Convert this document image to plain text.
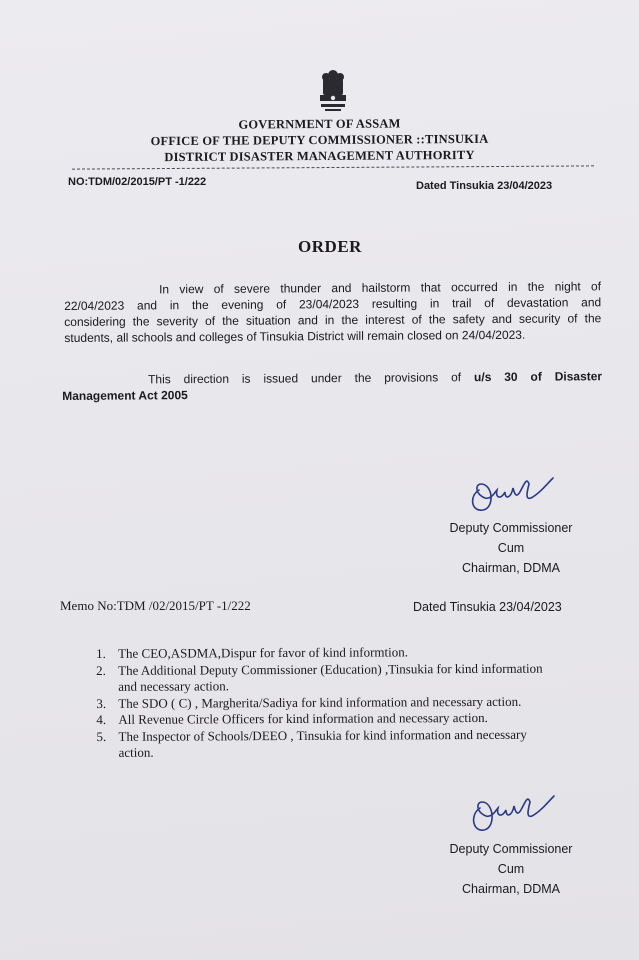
GOVERNMENT OF ASSAM
OFFICE OF THE DEPUTY COMMISSIONER ::TINSUKIA
DISTRICT DISASTER MANAGEMENT AUTHORITY
NO:TDM/02/2015/PT -1/222	Dated Tinsukia 23/04/2023
ORDER
In view of severe thunder and hailstorm that occurred in the night of
22/04/2023 and in the evening of 23/04/2023 resulting in trail of devastation and
considering the severity of the situation and in the interest of the safety and security of the
students, all schools and colleges of Tinsukia District will remain closed on 24/04/2023.
This direction is issued under the provisions of u/s 30 of Disaster
Management Act 2005
Deputy Commissioner
Cum
Chairman, DDMA
Memo No:TDM /02/2015/PT -1/222	Dated Tinsukia 23/04/2023
1. The CEO,ASDMA,Dispur for favor of kind informtion.
2. The Additional Deputy Commissioner (Education) ,Tinsukia for kind information
and necessary action.
3. The SDO ( C) , Margherita/Sadiya for kind information and necessary action.
4. All Revenue Circle Officers for kind information and necessary action.
5. The Inspector of Schools/DEEO , Tinsukia for kind information and necessary
action.
Deputy Commissioner
Cum
Chairman, DDMA
